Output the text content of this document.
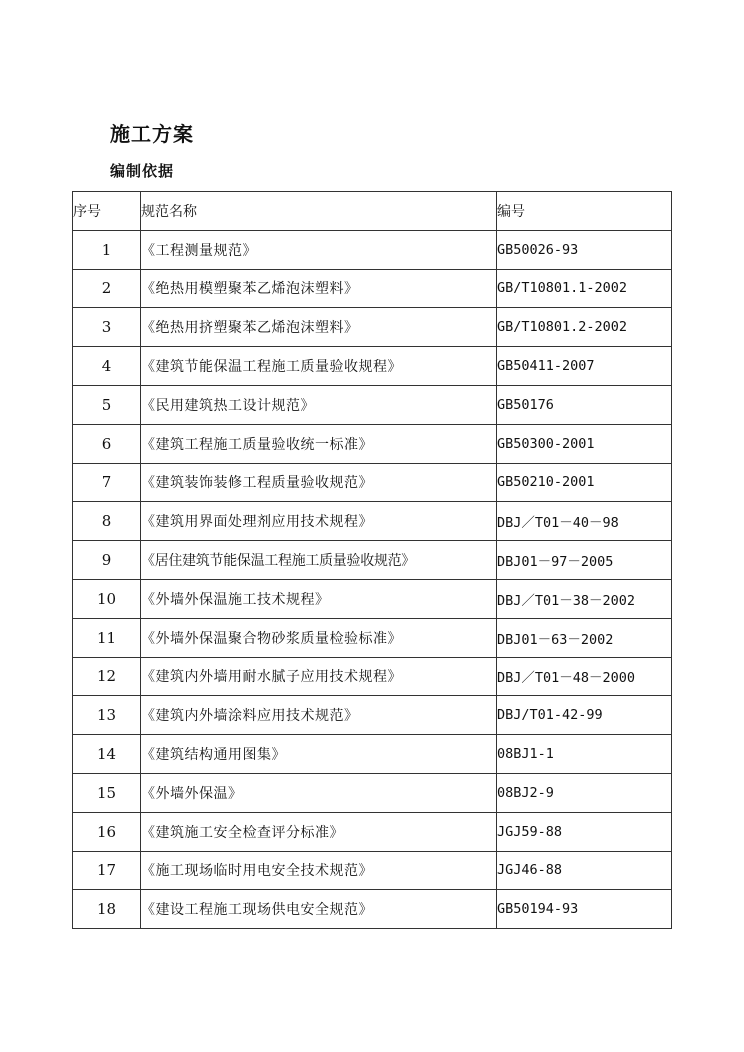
施工方案
编制依据
序号	规范名称	编号
1	《工程测量规范》	GB50026-93
2	《绝热用模塑聚苯乙烯泡沫塑料》	GB/T10801.1-2002
3	《绝热用挤塑聚苯乙烯泡沫塑料》	GB/T10801.2-2002
4	《建筑节能保温工程施工质量验收规程》	GB50411-2007
5	《民用建筑热工设计规范》	GB50176
6	《建筑工程施工质量验收统一标准》	GB50300-2001
7	《建筑装饰装修工程质量验收规范》	GB50210-2001
8	《建筑用界面处理剂应用技术规程》	DBJ／T01－40－98
9	《居住建筑节能保温工程施工质量验收规范》	DBJ01－97－2005
10	《外墙外保温施工技术规程》	DBJ／T01－38－2002
11	《外墙外保温聚合物砂浆质量检验标准》	DBJ01－63－2002
12	《建筑内外墙用耐水腻子应用技术规程》	DBJ／T01－48－2000
13	《建筑内外墙涂料应用技术规范》	DBJ/T01-42-99
14	《建筑结构通用图集》	08BJ1-1
15	《外墙外保温》	08BJ2-9
16	《建筑施工安全检查评分标准》	JGJ59-88
17	《施工现场临时用电安全技术规范》	JGJ46-88
18	《建设工程施工现场供电安全规范》	GB50194-93
